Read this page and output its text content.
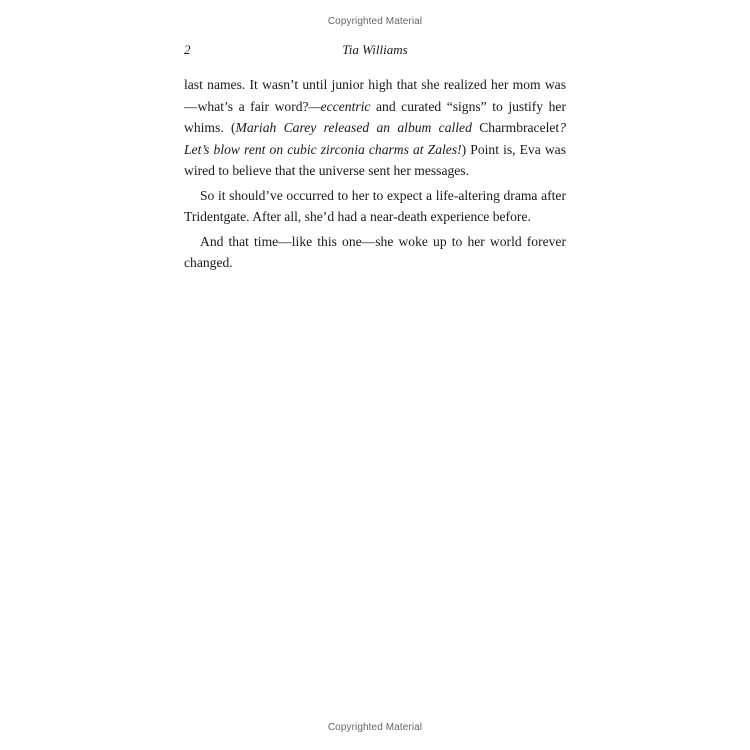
Copyrighted Material
2	Tia Williams

last names. It wasn’t until junior high that she realized her mom was—what’s a fair word?—eccentric and curated “signs” to justify her whims. (Mariah Carey released an album called Charmbracelet? Let’s blow rent on cubic zirconia charms at Zales!) Point is, Eva was wired to believe that the universe sent her messages.

So it should’ve occurred to her to expect a life-altering drama after Tridentgate. After all, she’d had a near-death experience before.

And that time—like this one—she woke up to her world forever changed.

Copyrighted Material
